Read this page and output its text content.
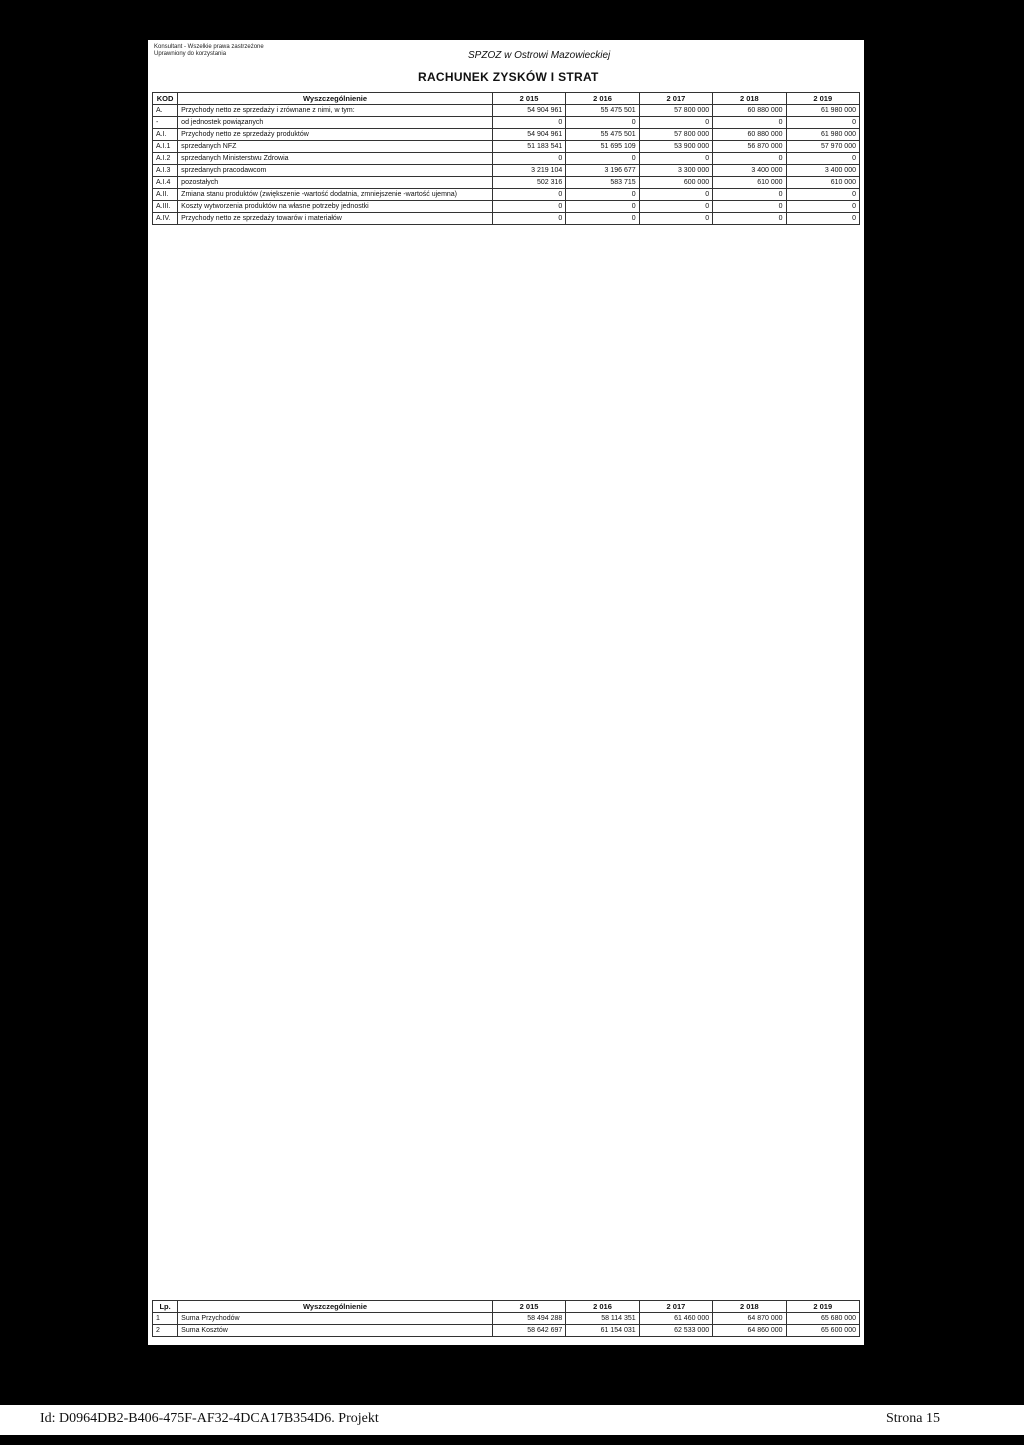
Konsultant - Wszelkie prawa zastrzeżone
Uprawniony do korzystania	SPZOZ w Ostrowi Mazowieckiej
RACHUNEK ZYSKÓW I STRAT
KOD	Wyszczególnienie	2 015	2 016	2 017	2 018	2 019
A.	Przychody netto ze sprzedaży i zrównane z nimi, w tym:	54 904 961	55 475 501	57 800 000	60 880 000	61 980 000
-	od jednostek powiązanych	0	0	0	0	0
A.I.	Przychody netto ze sprzedaży produktów	54 904 961	55 475 501	57 800 000	60 880 000	61 980 000
A.I.1	sprzedanych NFZ	51 183 541	51 695 109	53 900 000	56 870 000	57 970 000
A.I.2	sprzedanych Ministerstwu Zdrowia	0	0	0	0	0
A.I.3	sprzedanych pracodawcom	3 219 104	3 196 677	3 300 000	3 400 000	3 400 000
A.I.4	pozostałych	502 316	583 715	600 000	610 000	610 000
A.II.	Zmiana stanu produktów (zwiększenie -wartość dodatnia, zmniejszenie -wartość ujemna)	0	0	0	0	0
A.III.	Koszty wytworzenia produktów na własne potrzeby jednostki	0	0	0	0	0
A.IV.	Przychody netto ze sprzedaży towarów i materiałów	0	0	0	0	0
Lp.	Wyszczególnienie	2 015	2 016	2 017	2 018	2 019
1	Suma Przychodów	58 494 288	58 114 351	61 460 000	64 870 000	65 680 000
2	Suma Kosztów	58 642 697	61 154 031	62 533 000	64 860 000	65 600 000
Id: D0964DB2-B406-475F-AF32-4DCA17B354D6. Projekt	Strona 15
